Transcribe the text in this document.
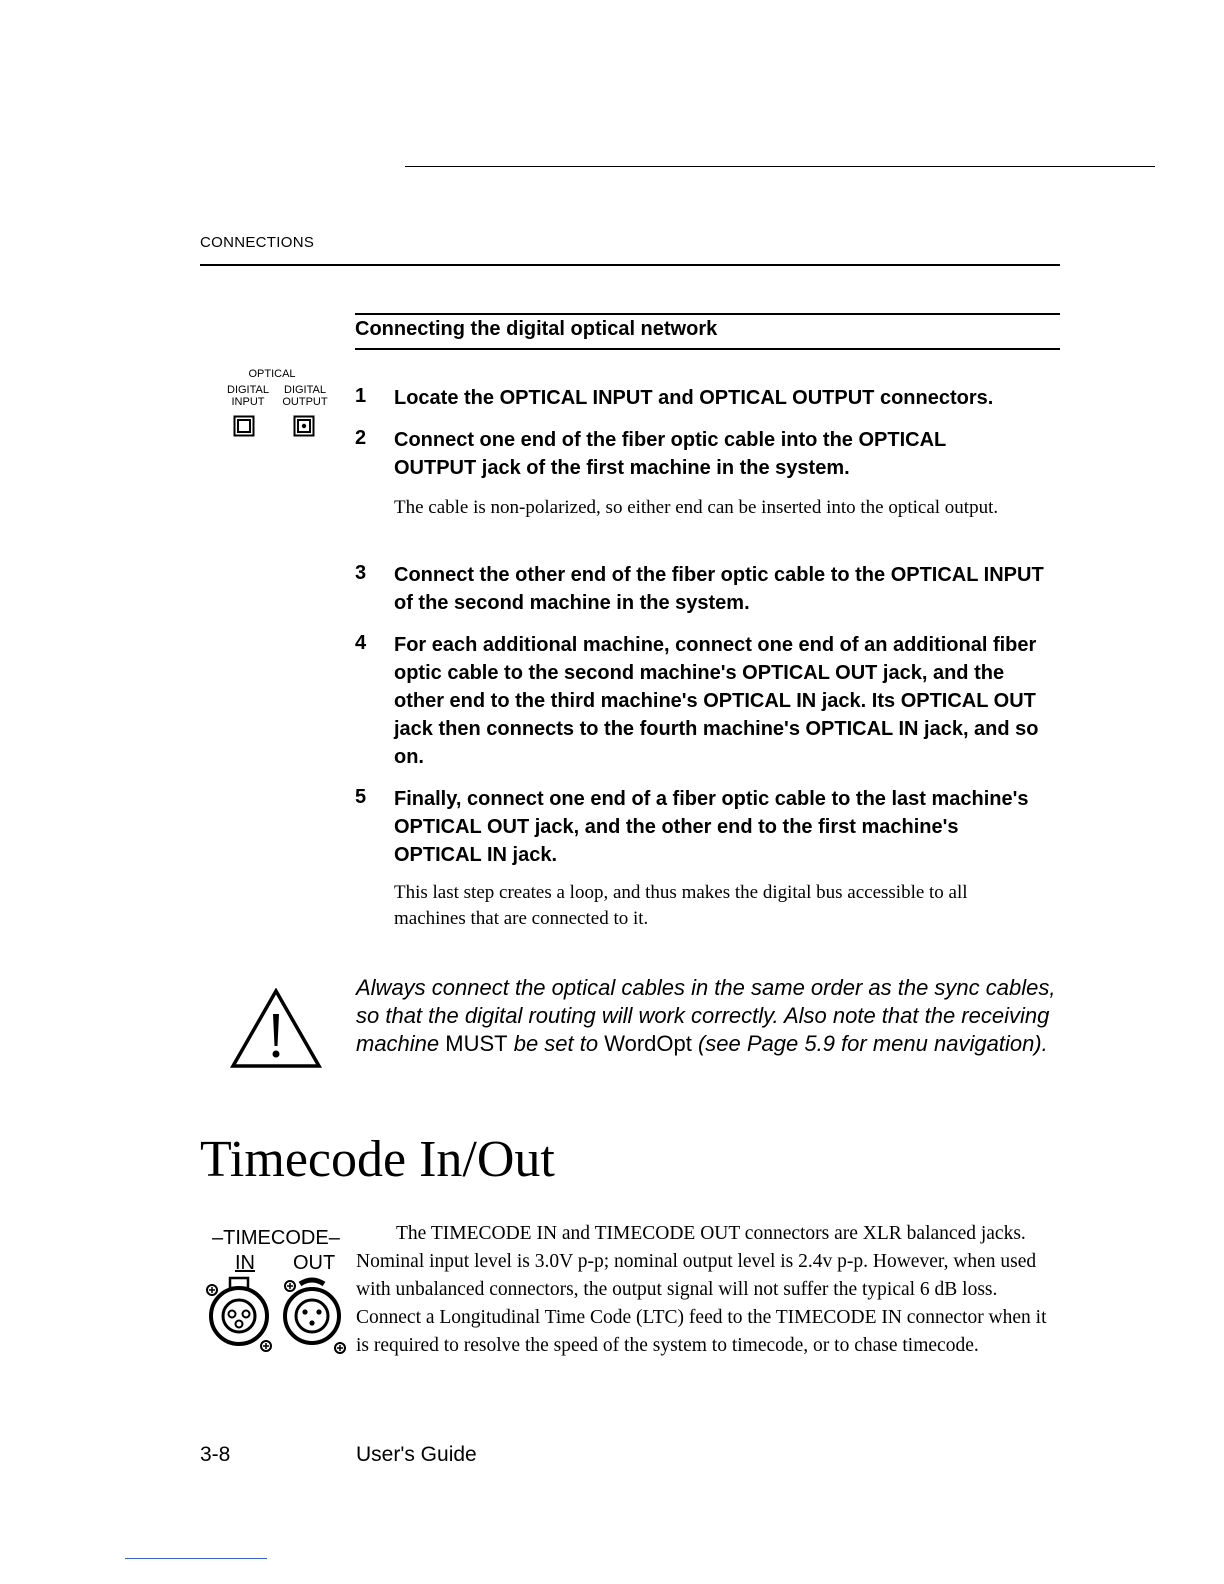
CONNECTIONS
Connecting the digital optical network
OPTICAL
DIGITAL
INPUT
DIGITAL
OUTPUT	1 Locate the OPTICAL INPUT and OPTICAL OUTPUT connectors.
2 Connect one end of the fiber optic cable into the OPTICAL OUTPUT jack of the first machine in the system.
The cable is non-polarized, so either end can be inserted into the optical output.
3 Connect the other end of the fiber optic cable to the OPTICAL INPUT of the second machine in the system.
4 For each additional machine, connect one end of an additional fiber optic cable to the second machine's OPTICAL OUT jack, and the other end to the third machine's OPTICAL IN jack. Its OPTICAL OUT jack then connects to the fourth machine's OPTICAL IN jack, and so on.
5 Finally, connect one end of a fiber optic cable to the last machine's OPTICAL OUT jack, and the other end to the first machine's OPTICAL IN jack.
This last step creates a loop, and thus makes the digital bus accessible to all machines that are connected to it.
Always connect the optical cables in the same order as the sync cables, so that the digital routing will work correctly. Also note that the receiving machine MUST be set to WordOpt (see Page 5.9 for menu navigation).
Timecode In/Out
–TIMECODE–
IN OUT
The TIMECODE IN and TIMECODE OUT connectors are XLR balanced jacks. Nominal input level is 3.0V p-p; nominal output level is 2.4v p-p. However, when used with unbalanced connectors, the output signal will not suffer the typical 6 dB loss. Connect a Longitudinal Time Code (LTC) feed to the TIMECODE IN connector when it is required to resolve the speed of the system to timecode, or to chase timecode.
3-8	User's Guide
